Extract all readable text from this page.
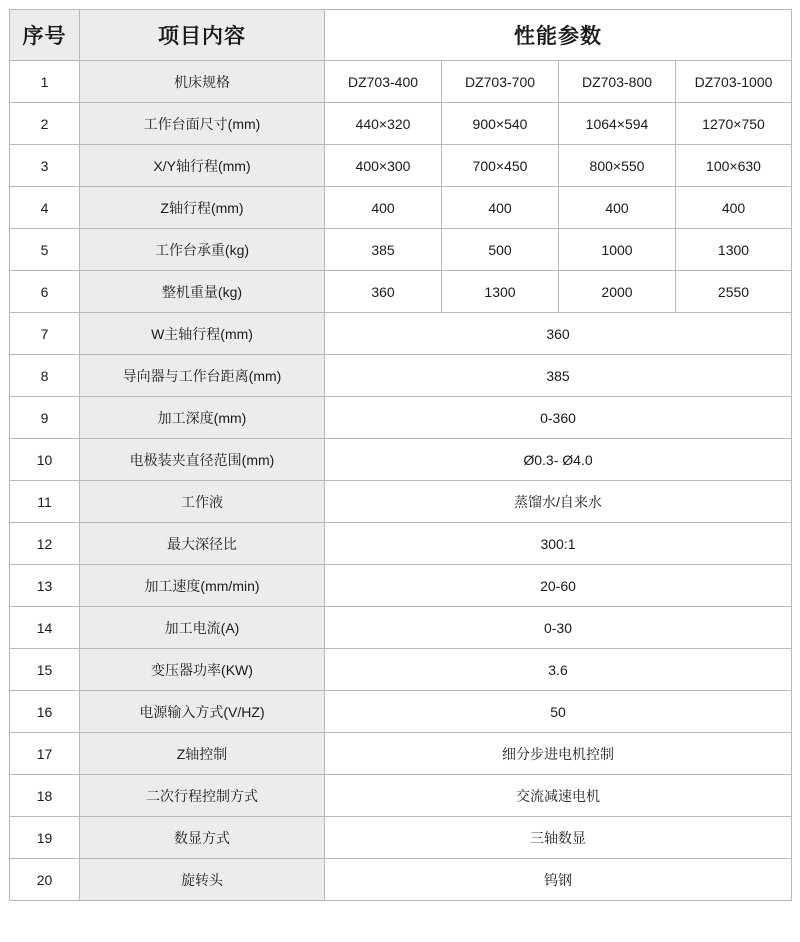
序号	项目内容	性能参数			
1	机床规格	DZ703-400	DZ703-700	DZ703-800	DZ703-1000
2	工作台面尺寸(mm)	440×320	900×540	1064×594	1270×750
3	X/Y轴行程(mm)	400×300	700×450	800×550	100×630
4	Z轴行程(mm)	400	400	400	400
5	工作台承重(kg)	385	500	1000	1300
6	整机重量(kg)	360	1300	2000	2550
7	W主轴行程(mm)	360			
8	导向器与工作台距离(mm)	385			
9	加工深度(mm)	0-360			
10	电极装夹直径范围(mm)	Ø0.3- Ø4.0			
11	工作液	蒸馏水/自来水			
12	最大深径比	300:1			
13	加工速度(mm/min)	20-60			
14	加工电流(A)	0-30			
15	变压器功率(KW)	3.6			
16	电源输入方式(V/HZ)	50			
17	Z轴控制	细分步进电机控制			
18	二次行程控制方式	交流减速电机			
19	数显方式	三轴数显			
20	旋转头	钨钢			
